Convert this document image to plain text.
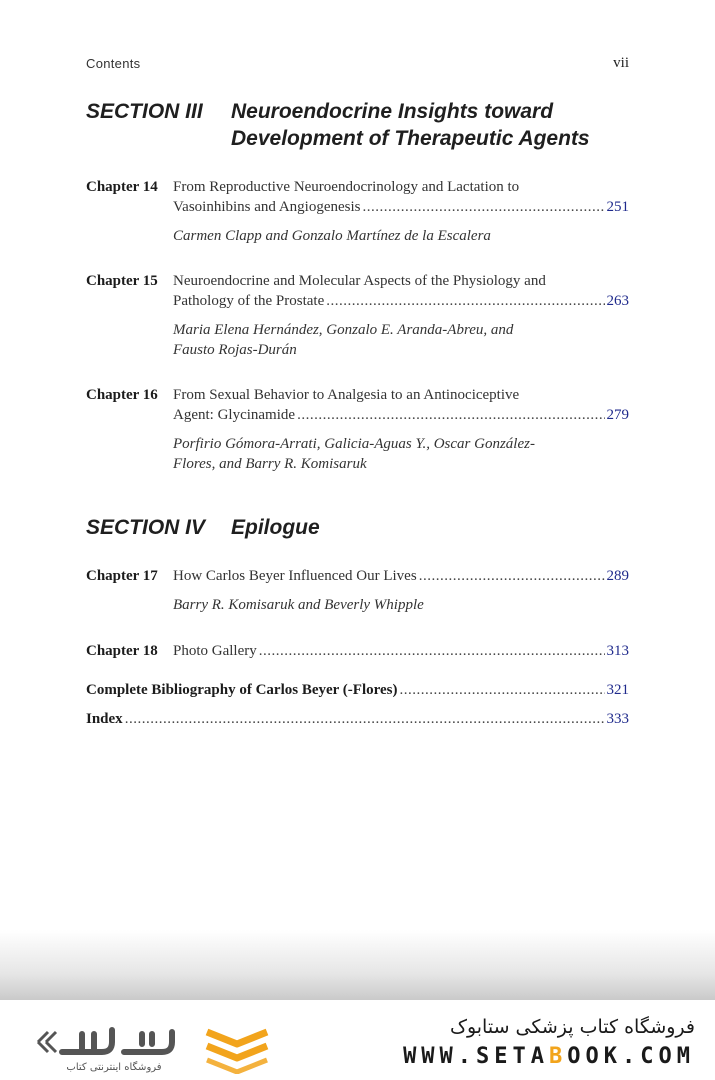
Contents	vii
SECTION III Neuroendocrine Insights toward
Development of Therapeutic Agents
Chapter 14 From Reproductive Neuroendocrinology and Lactation to
Vasoinhibins and Angiogenesis .....	251
Carmen Clapp and Gonzalo Martínez de la Escalera
Chapter 15 Neuroendocrine and Molecular Aspects of the Physiology and
Pathology of the Prostate .....	263
Maria Elena Hernández, Gonzalo E. Aranda-Abreu, and
Fausto Rojas-Durán
Chapter 16 From Sexual Behavior to Analgesia to an Antinociceptive
Agent: Glycinamide .....	279
Porfirio Gómora-Arrati, Galicia-Aguas Y., Oscar González-
Flores, and Barry R. Komisaruk
SECTION IV Epilogue
Chapter 17 How Carlos Beyer Influenced Our Lives .....	289
Barry R. Komisaruk and Beverly Whipple
Chapter 18 Photo Gallery .....	313
Complete Bibliography of Carlos Beyer (-Flores) .....	321
Index .....	333
فروشگاه اینترنتی کتاب
فروشگاه کتاب پزشکی ستابوک
WWW.SETABOOK.COM
